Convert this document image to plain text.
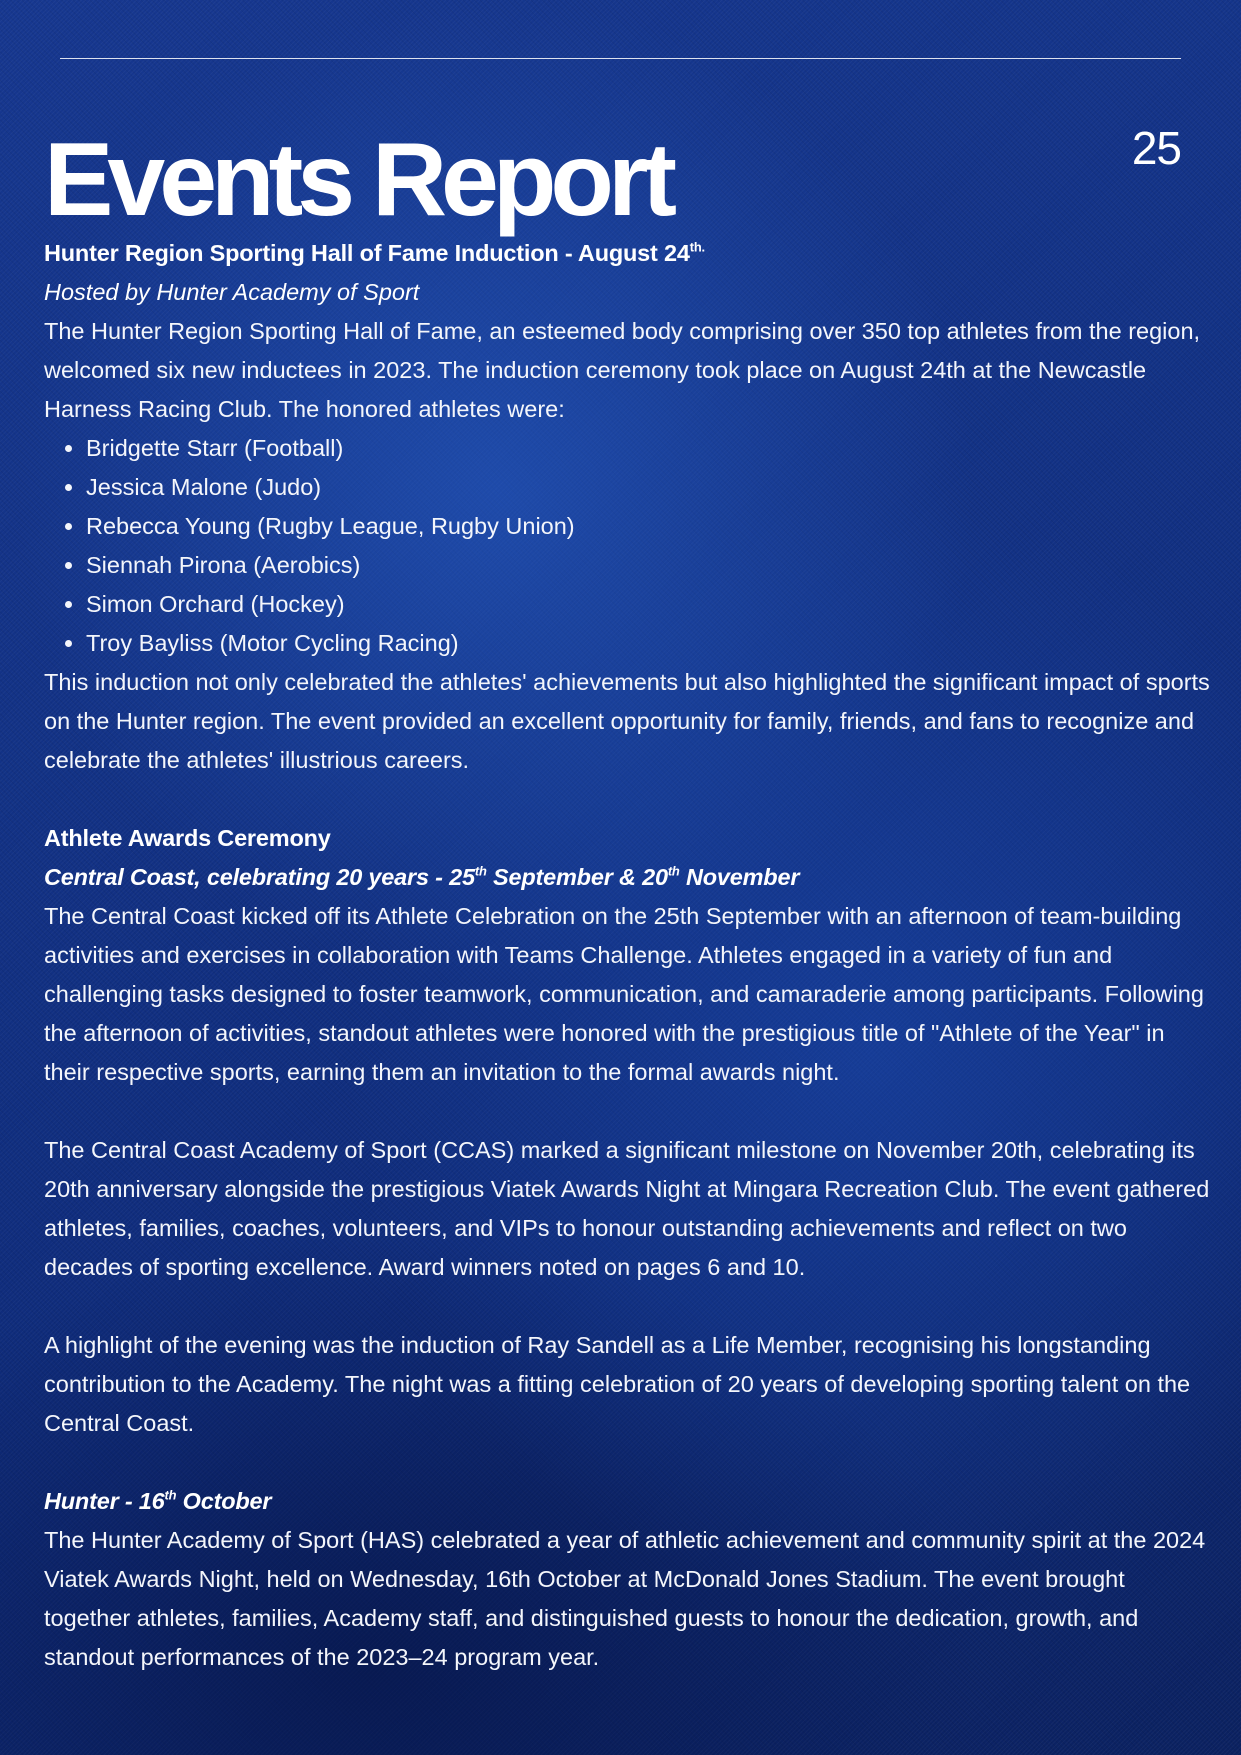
25
Events Report

Hunter Region Sporting Hall of Fame Induction - August $24^{th.}$

Hosted by Hunter Academy of Sport

The Hunter Region Sporting Hall of Fame, an esteemed body comprising over 350 top athletes from the region, welcomed six new inductees in 2023. The induction ceremony took place on August 24th at the Newcastle Harness Racing Club. The honored athletes were:

• Bridgette Starr (Football)
• Jessica Malone (Judo)
• Rebecca Young (Rugby League, Rugby Union)
• Siennah Pirona (Aerobics)
• Simon Orchard (Hockey)
• Troy Bayliss (Motor Cycling Racing)

This induction not only celebrated the athletes' achievements but also highlighted the significant impact of sports on the Hunter region. The event provided an excellent opportunity for family, friends, and fans to recognize and celebrate the athletes' illustrious careers.

Athlete Awards Ceremony

Central Coast, celebrating 20 years - 25th September & 20th November

The Central Coast kicked off its Athlete Celebration on the 25th September with an afternoon of team-building activities and exercises in collaboration with Teams Challenge. Athletes engaged in a variety of fun and challenging tasks designed to foster teamwork, communication, and camaraderie among participants. Following the afternoon of activities, standout athletes were honored with the prestigious title of "Athlete of the Year" in their respective sports, earning them an invitation to the formal awards night.

The Central Coast Academy of Sport (CCAS) marked a significant milestone on November 20th, celebrating its 20th anniversary alongside the prestigious Viatek Awards Night at Mingara Recreation Club. The event gathered athletes, families, coaches, volunteers, and VIPs to honour outstanding achievements and reflect on two decades of sporting excellence. Award winners noted on pages 6 and 10.

A highlight of the evening was the induction of Ray Sandell as a Life Member, recognising his longstanding contribution to the Academy. The night was a fitting celebration of 20 years of developing sporting talent on the Central Coast.

Hunter - 16th October

The Hunter Academy of Sport (HAS) celebrated a year of athletic achievement and community spirit at the 2024 Viatek Awards Night, held on Wednesday, 16th October at McDonald Jones Stadium. The event brought together athletes, families, Academy staff, and distinguished guests to honour the dedication, growth, and standout performances of the 2023–24 program year.
